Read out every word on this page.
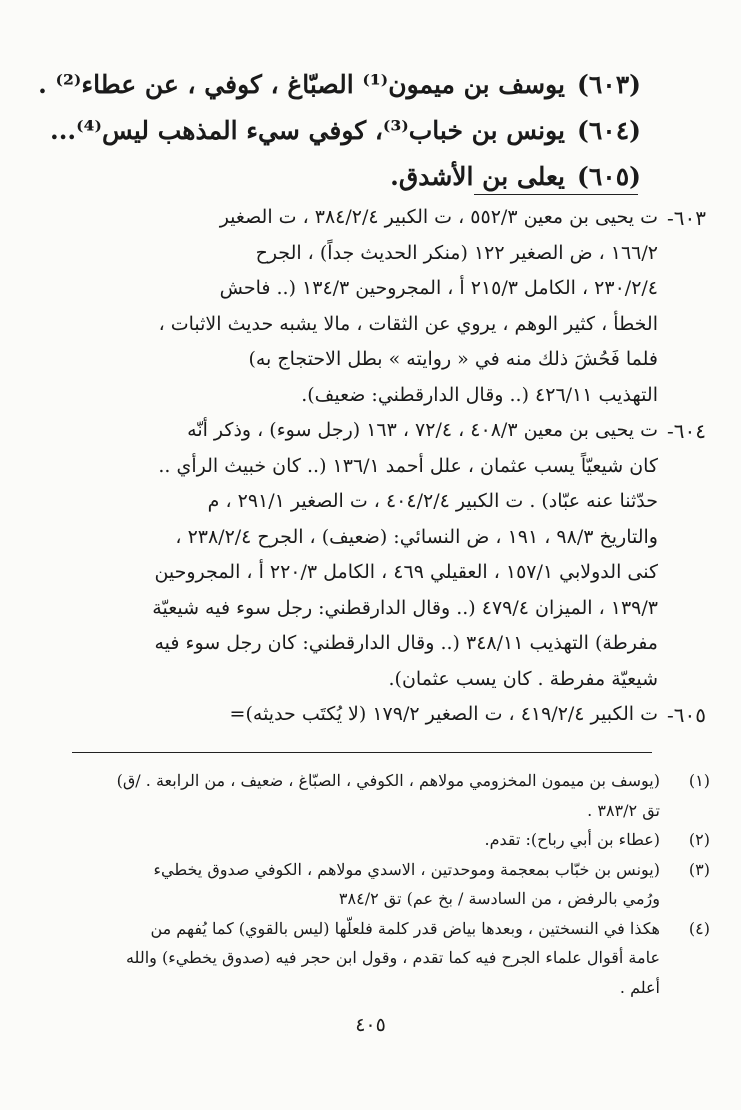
(٦٠٣)يوسف بن ميمون⁽¹⁾ الصبّاغ ، كوفي ، عن عطاء⁽²⁾ .
(٦٠٤)يونس بن خباب⁽³⁾، كوفي سيء المذهب ليس⁽⁴⁾...
(٦٠٥)يعلى بن الأشدق.
٦٠٣-
ت يحيى بن معين ٥٥٢/٣ ، ت الكبير ٣٨٤/٢/٤ ، ت الصغير
١٦٦/٢ ، ض الصغير ١٢٢ (منكر الحديث جداً) ، الجرح
٢٣٠/٢/٤ ، الكامل ٢١٥/٣ أ ، المجروحين ١٣٤/٣ (.. فاحش
الخطأ ، كثير الوهم ، يروي عن الثقات ، مالا يشبه حديث الاثبات ،
فلما فَحُشَ ذلك منه في « روايته » بطل الاحتجاج به)
التهذيب ٤٢٦/١١ (.. وقال الدارقطني: ضعيف).
٦٠٤-
ت يحيى بن معين ٤٠٨/٣ ، ٧٢/٤ ، ١٦٣ (رجل سوء) ، وذكر أنّه
كان شيعيّاً يسب عثمان ، علل أحمد ١٣٦/١ (.. كان خبيث الرأي ..
حدّثنا عنه عبّاد) . ت الكبير ٤٠٤/٢/٤ ، ت الصغير ٢٩١/١ ، م
والتاريخ ٩٨/٣ ، ١٩١ ، ض النسائي: (ضعيف) ، الجرح ٢٣٨/٢/٤ ،
كنى الدولابي ١٥٧/١ ، العقيلي ٤٦٩ ، الكامل ٢٢٠/٣ أ ، المجروحين
١٣٩/٣ ، الميزان ٤٧٩/٤ (.. وقال الدارقطني: رجل سوء فيه شيعيّة
مفرطة) التهذيب ٣٤٨/١١ (.. وقال الدارقطني: كان رجل سوء فيه
شيعيّة مفرطة . كان يسب عثمان).
٦٠٥-
ت الكبير ٤١٩/٢/٤ ، ت الصغير ١٧٩/٢ (لا يُكتَب حديثه)=
(١)
(يوسف بن ميمون المخزومي مولاهم ، الكوفي ، الصبّاغ ، ضعيف ، من الرابعة . /ق)
تق ٣٨٣/٢ .
(٢)
(عطاء بن أبي رباح): تقدم.
(٣)
(يونس بن خبّاب بمعجمة وموحدتين ، الاسدي مولاهم ، الكوفي صدوق يخطيء
ورُمي بالرفض ، من السادسة / بخ عم) تق ٣٨٤/٢
(٤)
هكذا في النسختين ، وبعدها بياض قدر كلمة فلعلّها (ليس بالقوي) كما يُفهم من
عامة أقوال علماء الجرح فيه كما تقدم ، وقول ابن حجر فيه (صدوق يخطيء) والله
أعلم .
٤٠٥
